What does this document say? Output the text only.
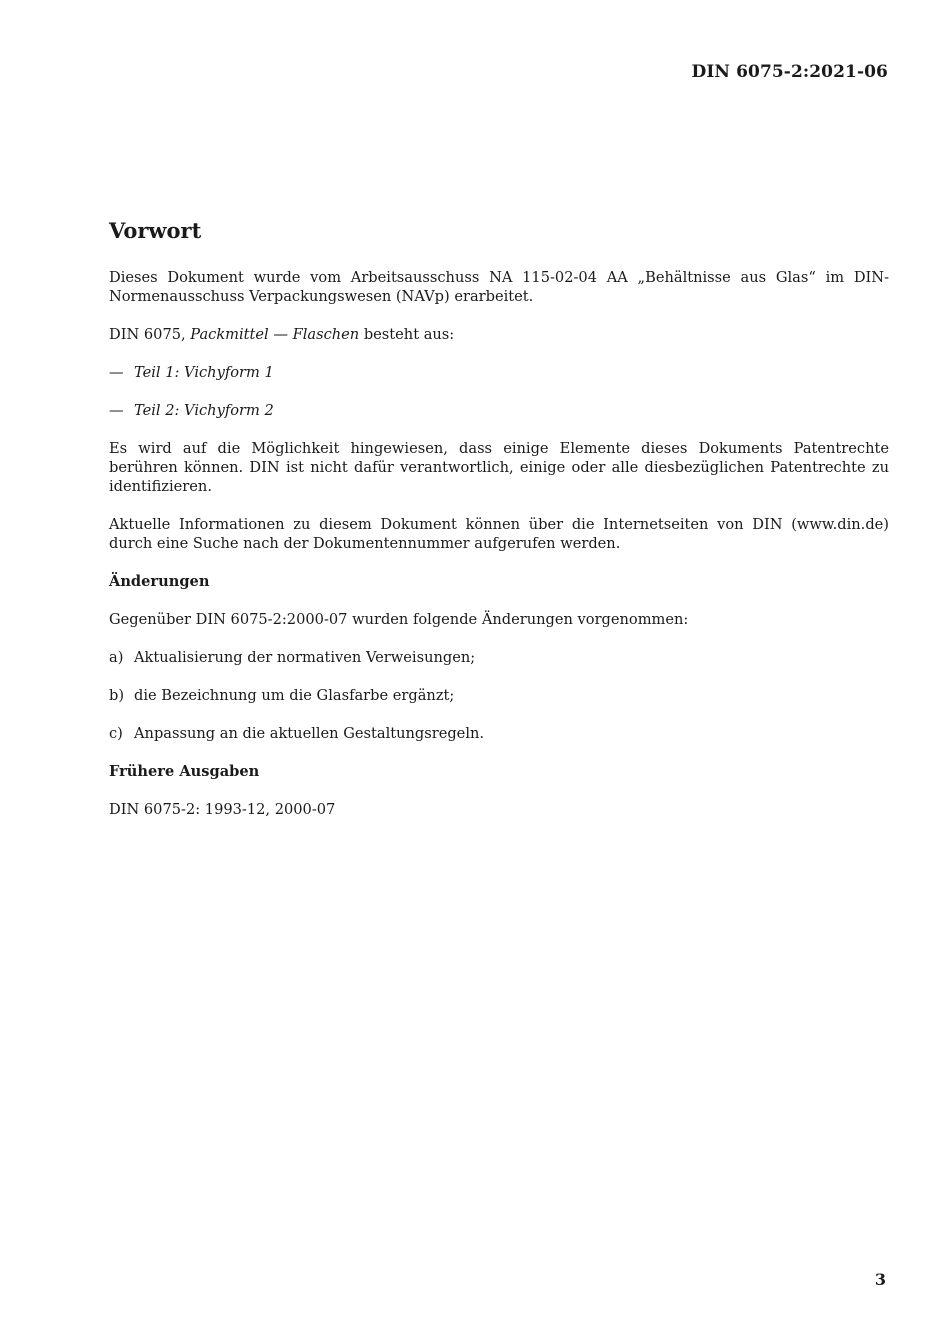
DIN 6075-2:2021-06
Vorwort

Dieses Dokument wurde vom Arbeitsausschuss NA 115-02-04 AA „Behältnisse aus Glas“ im DIN-Normenausschuss Verpackungswesen (NAVp) erarbeitet.

DIN 6075, Packmittel — Flaschen besteht aus:

— Teil 1: Vichyform 1
— Teil 2: Vichyform 2

Es wird auf die Möglichkeit hingewiesen, dass einige Elemente dieses Dokuments Patentrechte berühren können. DIN ist nicht dafür verantwortlich, einige oder alle diesbezüglichen Patentrechte zu identifizieren.

Aktuelle Informationen zu diesem Dokument können über die Internetseiten von DIN (www.din.de) durch eine Suche nach der Dokumentennummer aufgerufen werden.

Änderungen

Gegenüber DIN 6075-2:2000-07 wurden folgende Änderungen vorgenommen:

a) Aktualisierung der normativen Verweisungen;
b) die Bezeichnung um die Glasfarbe ergänzt;
c) Anpassung an die aktuellen Gestaltungsregeln.
Frühere Ausgaben

DIN 6075-2: 1993-12, 2000-07

3
